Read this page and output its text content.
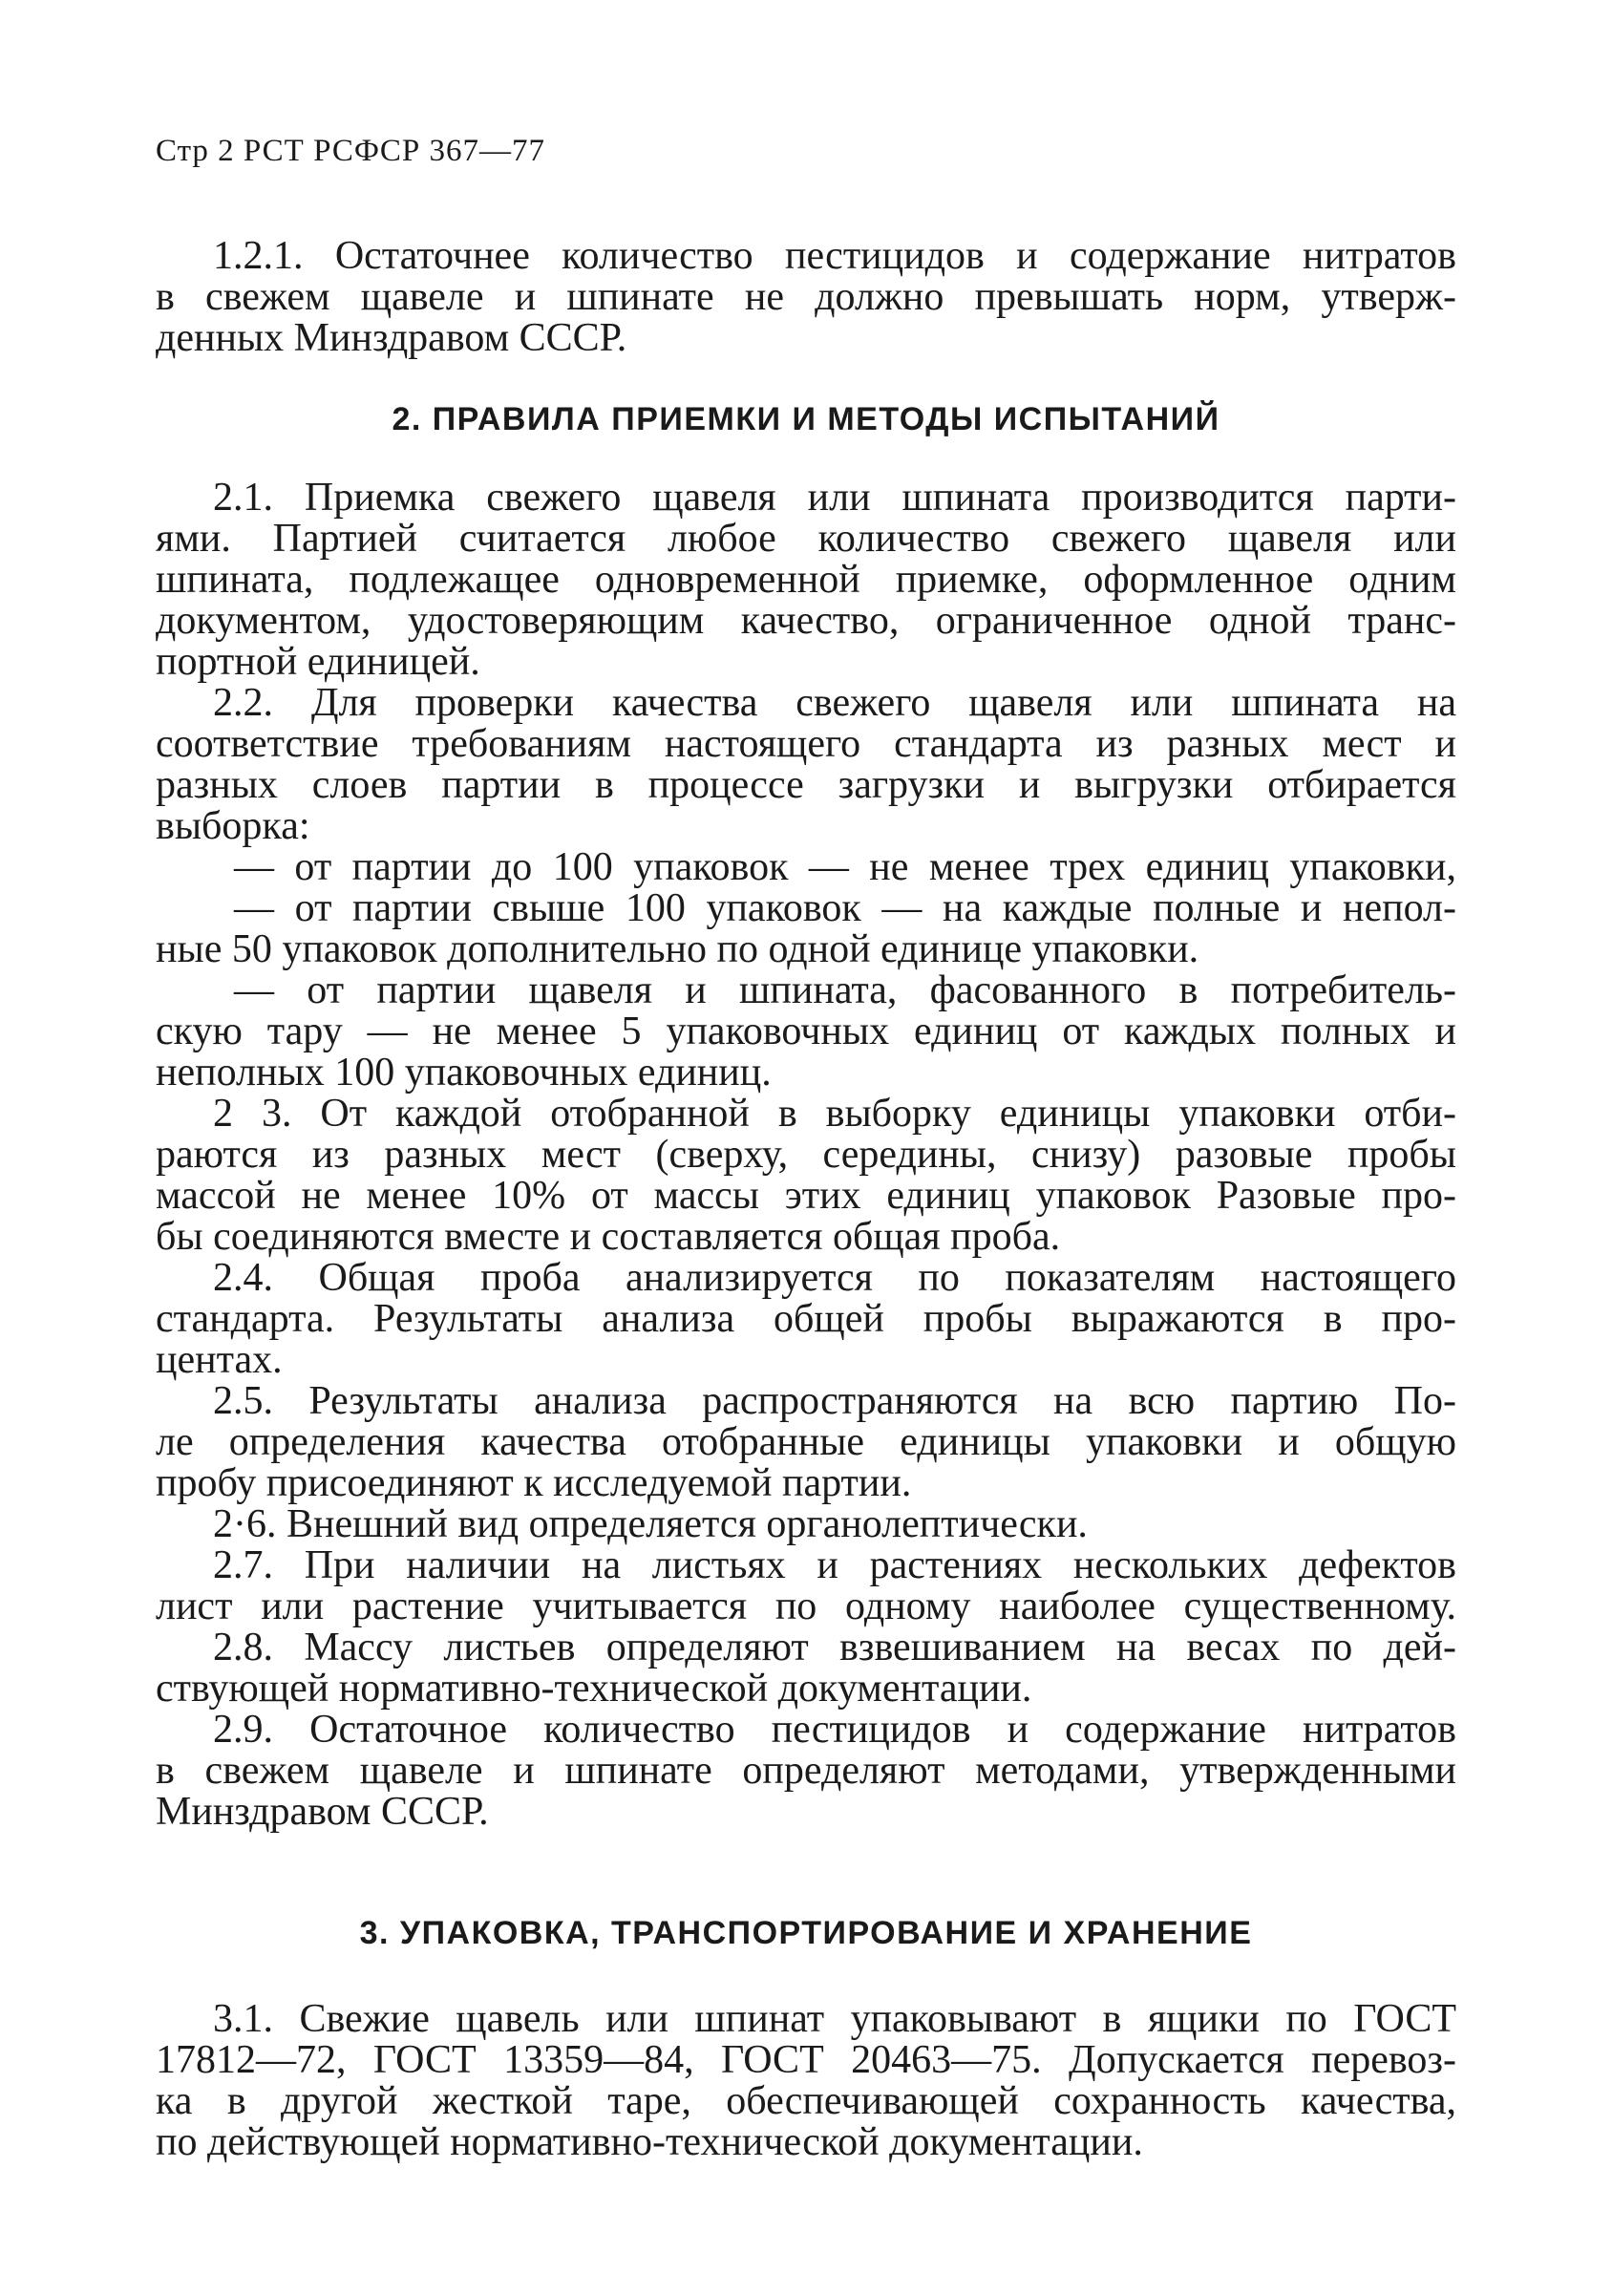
Стр 2 РСТ РСФСР 367—77
1.2.1. Остаточнее количество пестицидов и содержание нитратов
в свежем щавеле и шпинате не должно превышать норм, утверж-
денных Минздравом СССР.
2. ПРАВИЛА ПРИЕМКИ И МЕТОДЫ ИСПЫТАНИЙ
2.1. Приемка свежего щавеля или шпината производится парти-
ями. Партией считается любое количество свежего щавеля или
шпината, подлежащее одновременной приемке, оформленное одним
документом, удостоверяющим качество, ограниченное одной транс-
портной единицей.
2.2. Для проверки качества свежего щавеля или шпината на
соответствие требованиям настоящего стандарта из разных мест и
разных слоев партии в процессе загрузки и выгрузки отбирается
выборка:
— от партии до 100 упаковок — не менее трех единиц упаковки,
— от партии свыше 100 упаковок — на каждые полные и непол-
ные 50 упаковок дополнительно по одной единице упаковки.
— от партии щавеля и шпината, фасованного в потребитель-
скую тару — не менее 5 упаковочных единиц от каждых полных и
неполных 100 упаковочных единиц.
2 3. От каждой отобранной в выборку единицы упаковки отби-
раются из разных мест (сверху, середины, снизу) разовые пробы
массой не менее 10% от массы этих единиц упаковок Разовые про-
бы соединяются вместе и составляется общая проба.
2.4. Общая проба анализируется по показателям настоящего
стандарта. Результаты анализа общей пробы выражаются в про-
центах.
2.5. Результаты анализа распространяются на всю партию По-
ле определения качества отобранные единицы упаковки и общую
пробу присоединяют к исследуемой партии.
2·6. Внешний вид определяется органолептически.
2.7. При наличии на листьях и растениях нескольких дефектов
лист или растение учитывается по одному наиболее существенному.
2.8. Массу листьев определяют взвешиванием на весах по дей-
ствующей нормативно-технической документации.
2.9. Остаточное количество пестицидов и содержание нитратов
в свежем щавеле и шпинате определяют методами, утвержденными
Минздравом СССР.
3. УПАКОВКА, ТРАНСПОРТИРОВАНИЕ И ХРАНЕНИЕ
3.1. Свежие щавель или шпинат упаковывают в ящики по ГОСТ
17812—72, ГОСТ 13359—84, ГОСТ 20463—75. Допускается перевоз-
ка в другой жесткой таре, обеспечивающей сохранность качества,
по действующей нормативно-технической документации.
